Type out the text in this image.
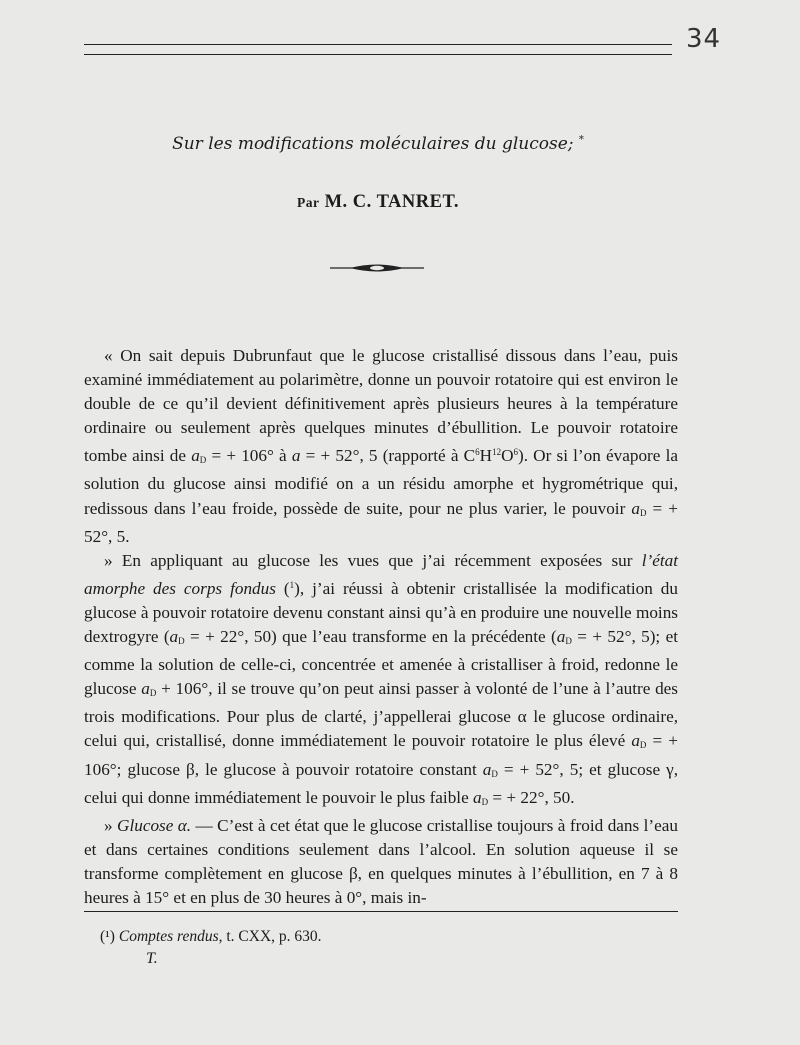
34
Sur les modifications moléculaires du glucose; *
Par M. C. TANRET.

« On sait depuis Dubrunfaut que le glucose cristallisé dissous dans l’eau, puis examiné immédiatement au polarimètre, donne un pouvoir rotatoire qui est environ le double de ce qu’il devient définitivement après plusieurs heures à la température ordinaire ou seulement après quelques minutes d’ébullition. Le pouvoir rotatoire tombe ainsi de $a_D$ = + 106° à a = + 52°, 5 (rapporté à $C^6H^{12}O^6$). Or si l’on évapore la solution du glucose ainsi modifié on a un résidu amorphe et hygrométrique qui, redissous dans l’eau froide, possède de suite, pour ne plus varier, le pouvoir $a_D$ = + 52°, 5.

» En appliquant au glucose les vues que j’ai récemment exposées sur l’état amorphe des corps fondus ($^1$), j’ai réussi à obtenir cristallisée la modification du glucose à pouvoir rotatoire devenu constant ainsi qu’à en produire une nouvelle moins dextrogyre ($a_D$ = + 22°, 50) que l’eau transforme en la précédente ($a_D$ = + 52°, 5); et comme la solution de celle-ci, concentrée et amenée à cristalliser à froid, redonne le glucose $a_D + 106^\circ$, il se trouve qu’on peut ainsi passer à volonté de l’une à l’autre des trois modifications. Pour plus de clarté, j’appellerai glucose α le glucose ordinaire, celui qui, cristallisé, donne immédiatement le pouvoir rotatoire le plus élevé $a_D$ = + 106°; glucose β, le glucose à pouvoir rotatoire constant $a_D$ = + 52°, 5; et glucose γ, celui qui donne immédiatement le pouvoir le plus faible $a_D$ = + 22°, 50.

» Glucose α. — C’est à cet état que le glucose cristallise toujours à froid dans l’eau et dans certaines conditions seulement dans l’alcool. En solution aqueuse il se transforme complètement en glucose β, en quelques minutes à l’ébullition, en 7 à 8 heures à 15° et en plus de 30 heures à 0°, mais in-

(¹) Comptes rendus, t. CXX, p. 630.
T.
